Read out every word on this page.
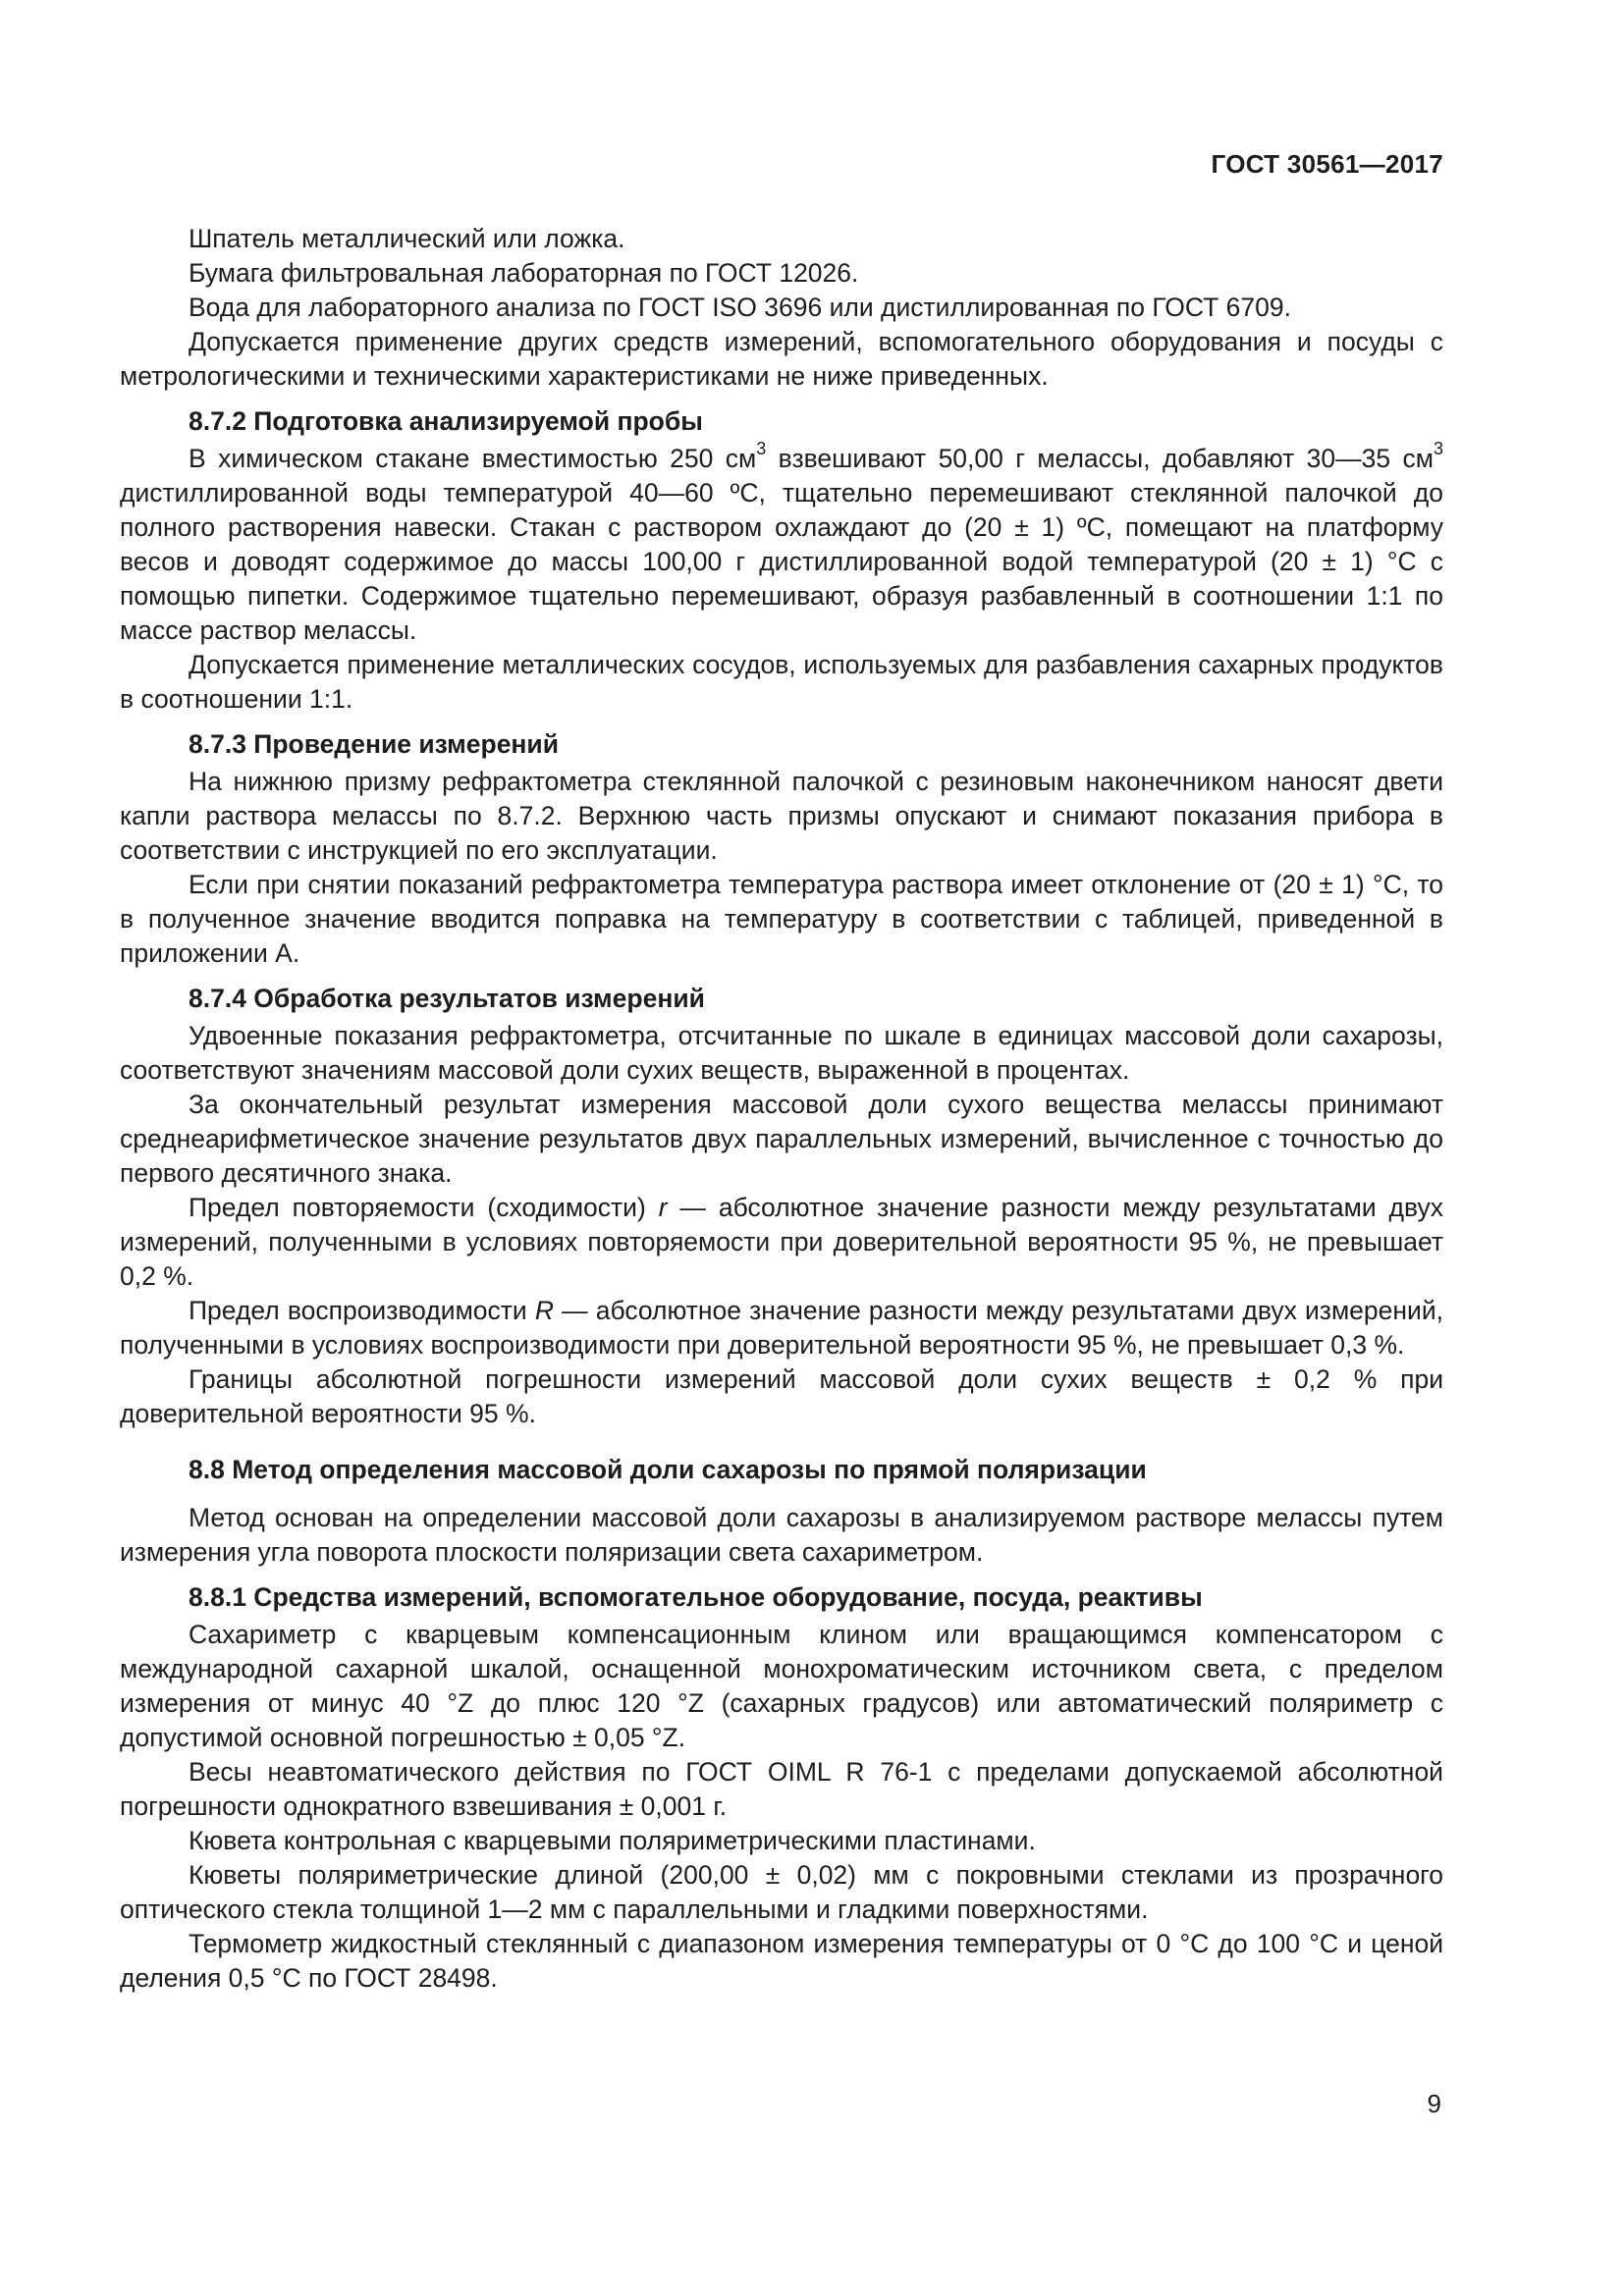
ГОСТ 30561—2017

Шпатель металлический или ложка.

Бумага фильтровальная лабораторная по ГОСТ 12026.

Вода для лабораторного анализа по ГОСТ ISO 3696 или дистиллированная по ГОСТ 6709.

Допускается применение других средств измерений, вспомогательного оборудования и посуды с метрологическими и техническими характеристиками не ниже приведенных.

8.7.2 Подготовка анализируемой пробы

В химическом стакане вместимостью 250 $см^3$ взвешивают 50,00 г мелассы, добавляют 30—35 $см^3$ дистиллированной воды температурой 40—60 ºС, тщательно перемешивают стеклянной палочкой до полного растворения навески. Стакан с раствором охлаждают до (20 ± 1) ºС, помещают на платформу весов и доводят содержимое до массы 100,00 г дистиллированной водой температурой (20 ± 1) °С с помощью пипетки. Содержимое тщательно перемешивают, образуя разбавленный в соотношении 1:1 по массе раствор мелассы.

Допускается применение металлических сосудов, используемых для разбавления сахарных продуктов в соотношении 1:1.

8.7.3 Проведение измерений

На нижнюю призму рефрактометра стеклянной палочкой с резиновым наконечником наносят двети капли раствора мелассы по 8.7.2. Верхнюю часть призмы опускают и снимают показания прибора в соответствии с инструкцией по его эксплуатации.

Если при снятии показаний рефрактометра температура раствора имеет отклонение от (20 ± 1) °С, то в полученное значение вводится поправка на температуру в соответствии с таблицей, приведенной в приложении А.

8.7.4 Обработка результатов измерений

Удвоенные показания рефрактометра, отсчитанные по шкале в единицах массовой доли сахарозы, соответствуют значениям массовой доли сухих веществ, выраженной в процентах.

За окончательный результат измерения массовой доли сухого вещества мелассы принимают среднеарифметическое значение результатов двух параллельных измерений, вычисленное с точностью до первого десятичного знака.

Предел повторяемости (сходимости) r — абсолютное значение разности между результатами двух измерений, полученными в условиях повторяемости при доверительной вероятности 95 %, не превышает 0,2 %.

Предел воспроизводимости R — абсолютное значение разности между результатами двух измерений, полученными в условиях воспроизводимости при доверительной вероятности 95 %, не превышает 0,3 %.

Границы абсолютной погрешности измерений массовой доли сухих веществ ± 0,2 % при доверительной вероятности 95 %.

8.8 Метод определения массовой доли сахарозы по прямой поляризации

Метод основан на определении массовой доли сахарозы в анализируемом растворе мелассы путем измерения угла поворота плоскости поляризации света сахариметром.

8.8.1 Средства измерений, вспомогательное оборудование, посуда, реактивы

Сахариметр с кварцевым компенсационным клином или вращающимся компенсатором с международной сахарной шкалой, оснащенной монохроматическим источником света, с пределом измерения от минус 40 °Z до плюс 120 °Z (сахарных градусов) или автоматический поляриметр с допустимой основной погрешностью ± 0,05 °Z.

Весы неавтоматического действия по ГОСТ OIML R 76-1 с пределами допускаемой абсолютной погрешности однократного взвешивания ± 0,001 г.

Кювета контрольная с кварцевыми поляриметрическими пластинами.

Кюветы поляриметрические длиной (200,00 ± 0,02) мм с покровными стеклами из прозрачного оптического стекла толщиной 1—2 мм с параллельными и гладкими поверхностями.

Термометр жидкостный стеклянный с диапазоном измерения температуры от 0 °С до 100 °С и ценой деления 0,5 °С по ГОСТ 28498.

9
